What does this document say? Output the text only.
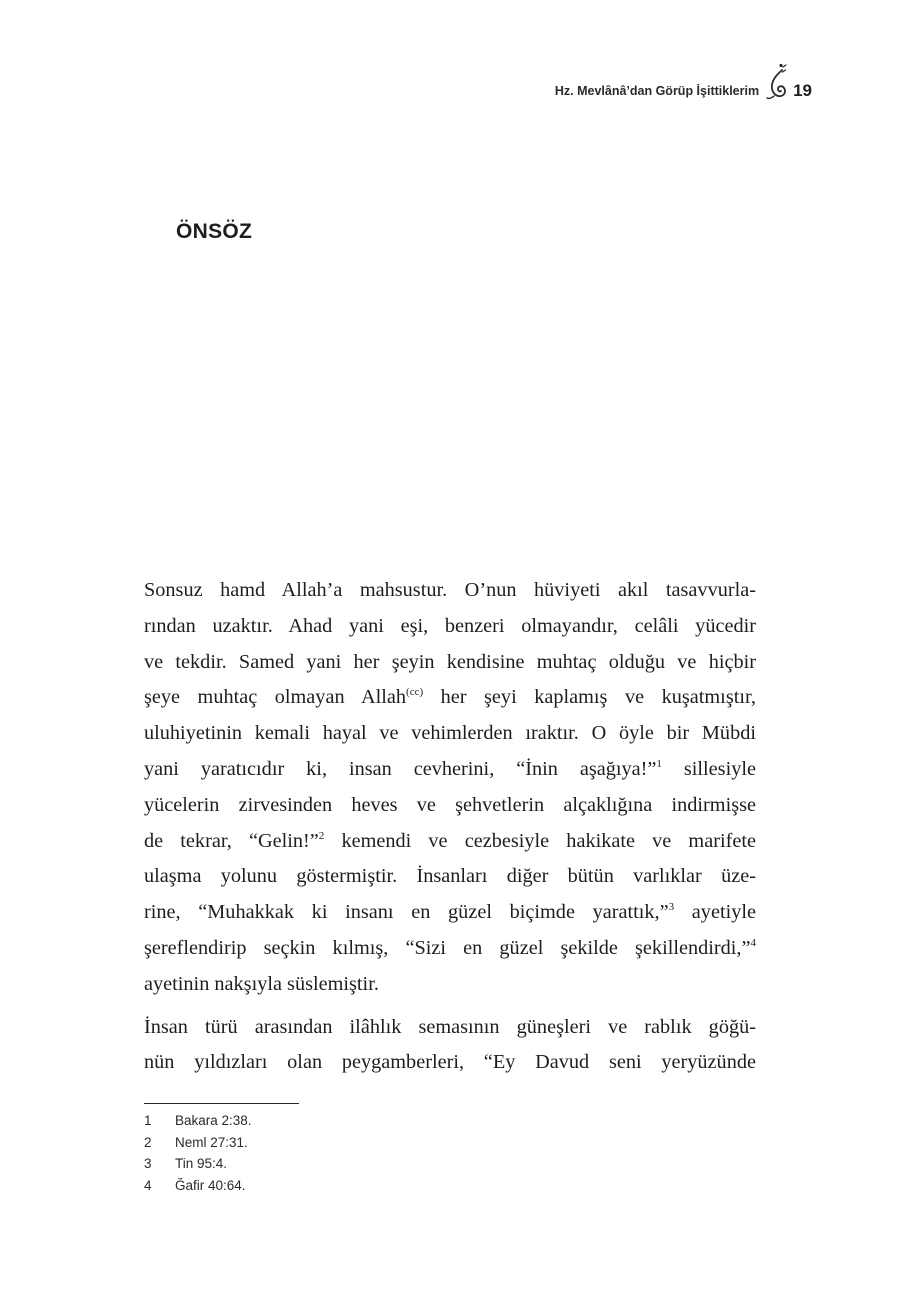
Hz. Mevlânâ’dan Görüp İşittiklerim 19
ÖNSÖZ

Sonsuz hamd Allah’a mahsustur. O’nun hüviyeti akıl tasavvurla-
rından uzaktır. Ahad yani eşi, benzeri olmayandır, celâli yücedir
ve tekdir. Samed yani her şeyin kendisine muhtaç olduğu ve hiçbir
şeye muhtaç olmayan Allah$^{(cc)}$ her şeyi kaplamış ve kuşatmıştır,
uluhiyetinin kemali hayal ve vehimlerden ıraktır. O öyle bir Mübdi
yani yaratıcıdır ki, insan cevherini, “İnin aşağıya!”$^1$ sillesiyle
yücelerin zirvesinden heves ve şehvetlerin alçaklığına indirmişse
de tekrar, “Gelin!”$^2$ kemendi ve cezbesiyle hakikate ve marifete
ulaşma yolunu göstermiştir. İnsanları diğer bütün varlıklar üze-
rine, “Muhakkak ki insanı en güzel biçimde yarattık,”$^3$ ayetiyle
şereflendirip seçkin kılmış, “Sizi en güzel şekilde şekillendirdi,”$^4$
ayetinin nakşıyla süslemiştir.

İnsan türü arasından ilâhlık semasının güneşleri ve rablık göğü-
nün yıldızları olan peygamberleri, “Ey Davud seni yeryüzünde

1	Bakara 2:38.
2	Neml 27:31.
3	Tin 95:4.
4	Ğafir 40:64.
